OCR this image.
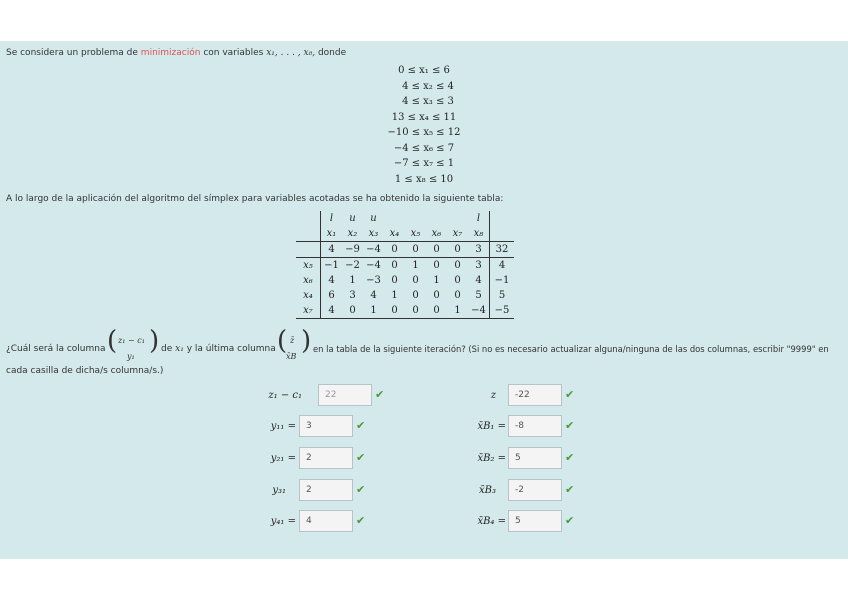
Se considera un problema de minimización con variables x₁, . . . , x₈, donde
0 ≤ x₁ ≤ 6
4 ≤ x₂ ≤ 4
4 ≤ x₃ ≤ 3
13 ≤ x₄ ≤ 11
−10 ≤ x₅ ≤ 12
−4 ≤ x₆ ≤ 7
−7 ≤ x₇ ≤ 1
1 ≤ x₈ ≤ 10
A lo largo de la aplicación del algoritmo del símplex para variables acotadas se ha obtenido la siguiente tabla:
	l	u	u					l	
	x₁	x₂	x₃	x₄	x₅	x₆	x₇	x₈	
	4	−9	−4	0	0	0	0	3	32
x₅	−1	−2	−4	0	1	0	0	3	4
x₆	4	1	−3	0	0	1	0	4	−1
x₄	6	3	4	1	0	0	0	5	5
x₇	4	0	1	0	0	0	1	−4	−5
¿Cuál será la columna ( z₁ − c₁
y₁
) de x₁ y la última columna ( z̄
x̄B
) en la tabla de la siguiente iteración? (Si no es necesario actualizar alguna/ninguna de las dos columnas, escribir "9999" en
cada casilla de dicha/s columna/s.)
z₁ − c₁	22	✔
y₁₁ =	3	✔
y₂₁ =	2	✔
y₃₁	2	✔
y₄₁ =	4	✔
z	-22	✔
x̄B₁ =	-8	✔
x̄B₂ =	5	✔
x̄B₃	-2	✔
x̄B₄ =	5	✔
